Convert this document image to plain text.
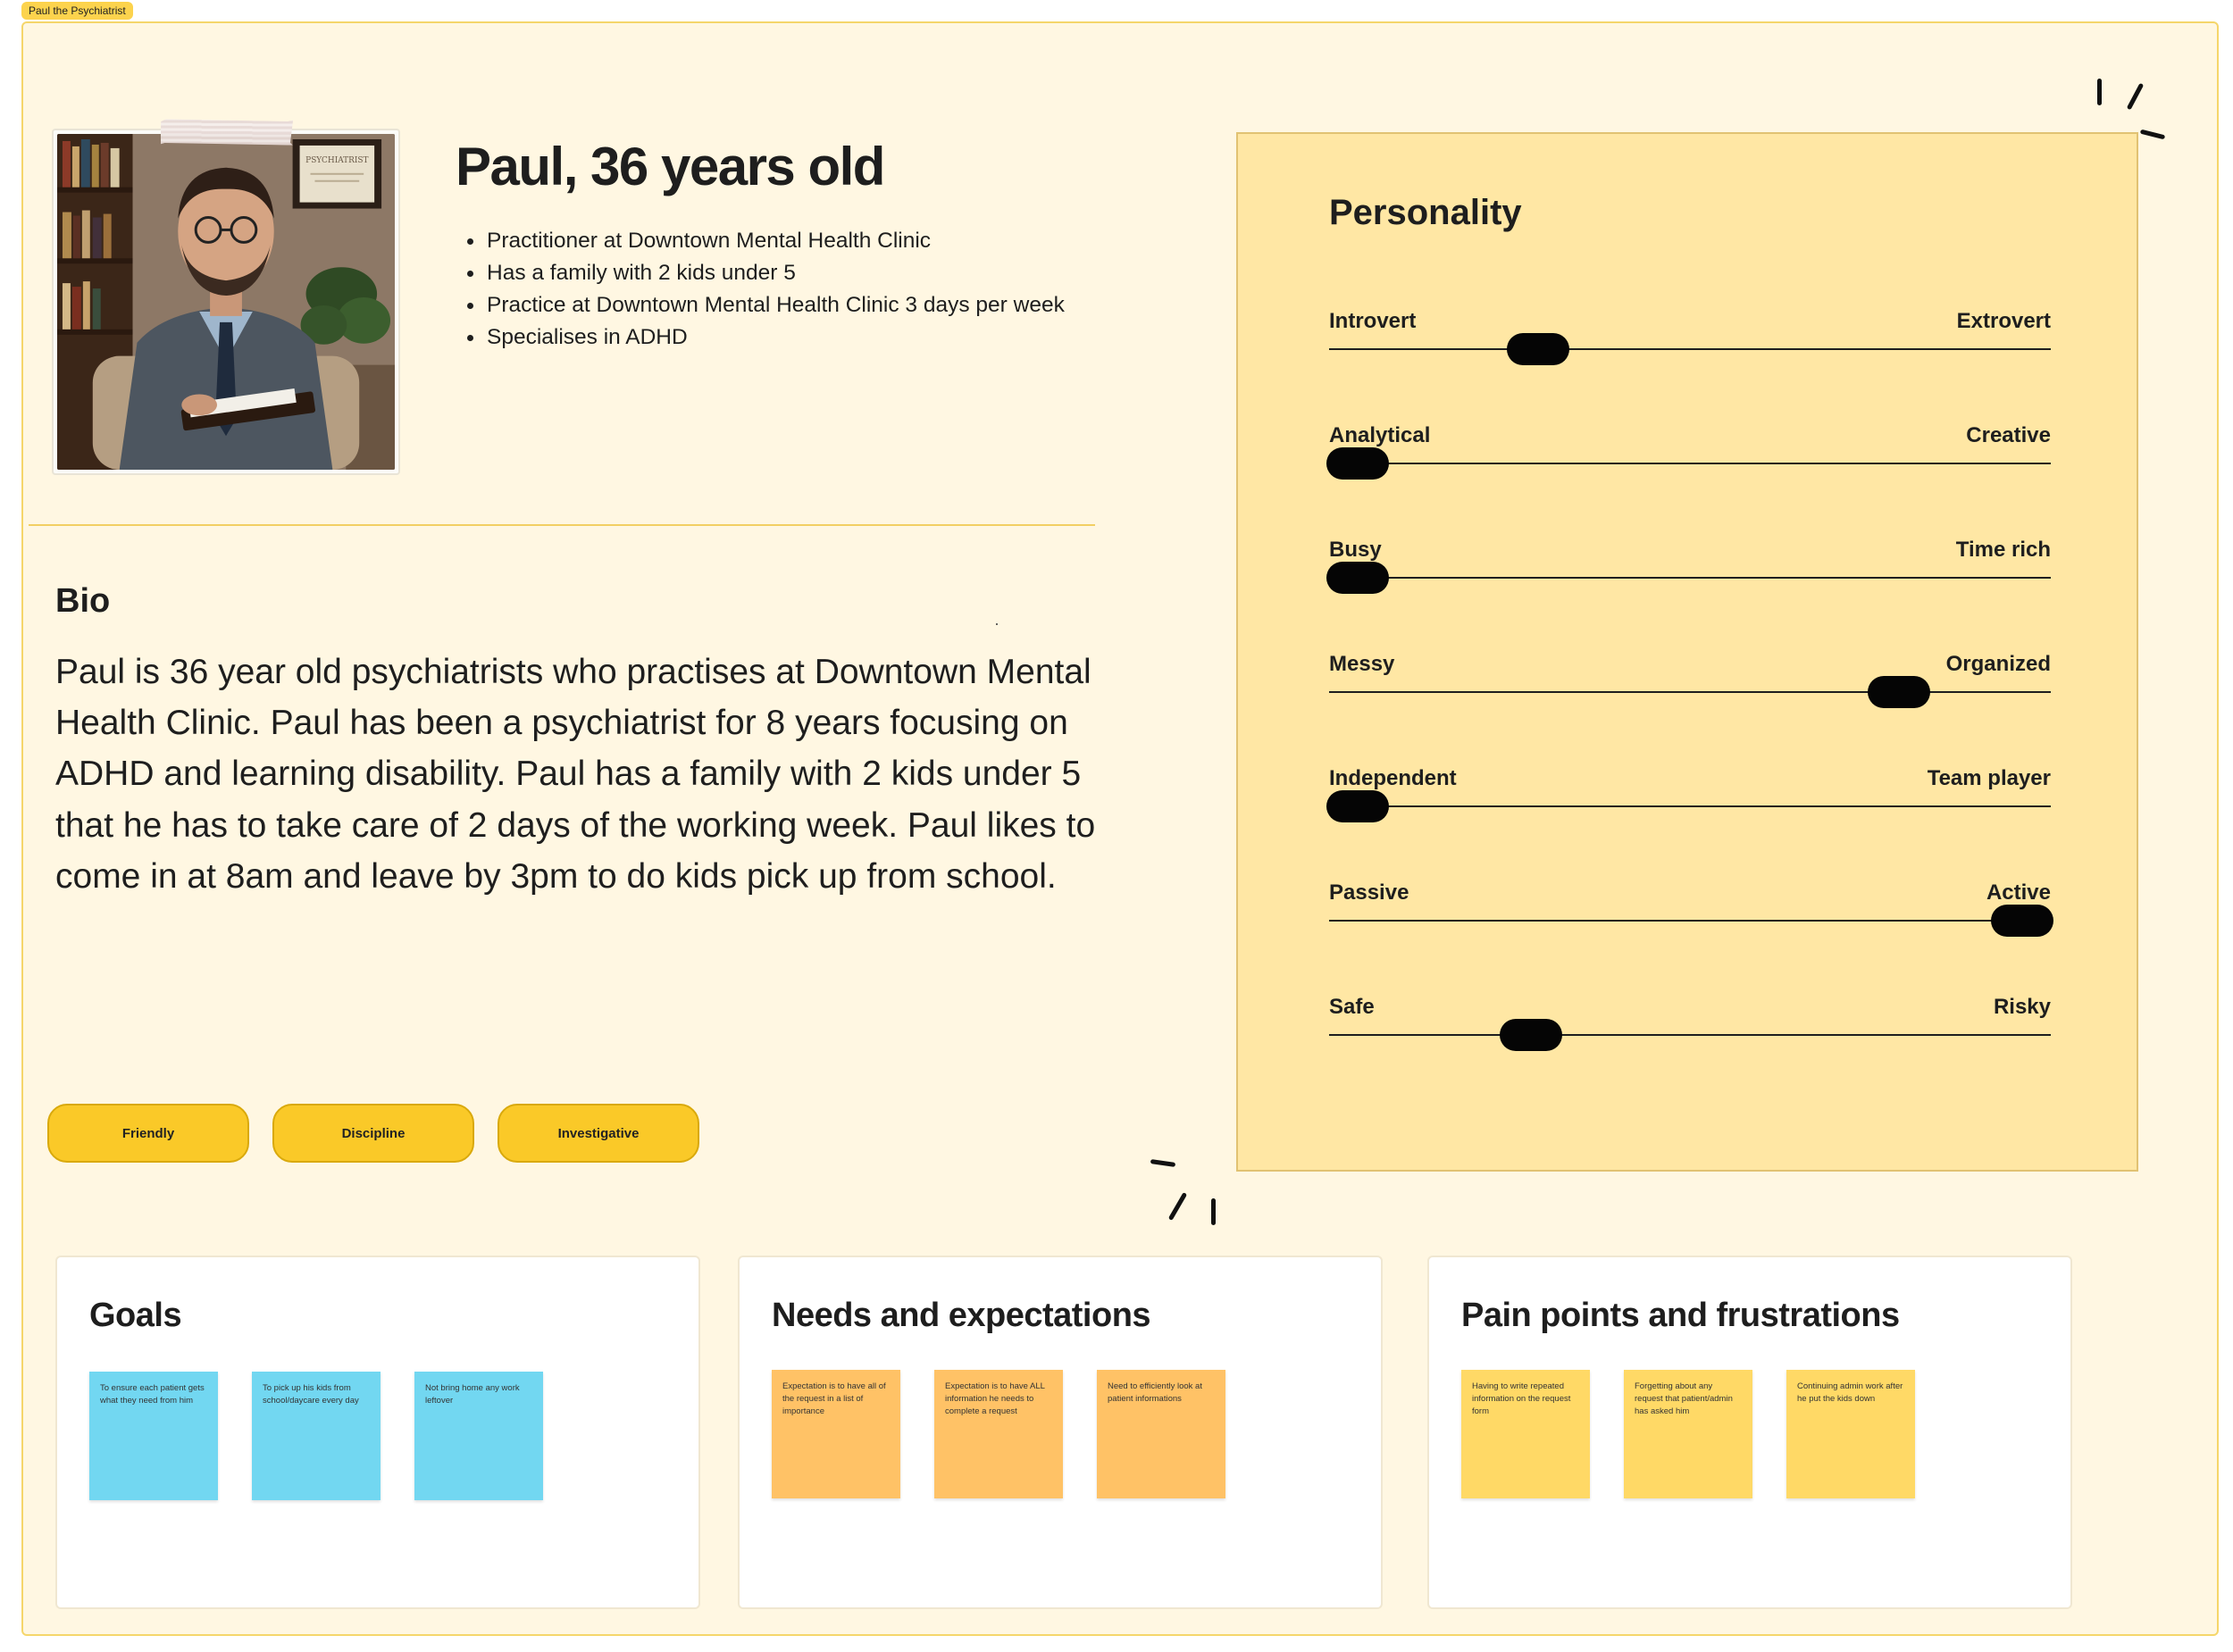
Paul the Psychiatrist
PSYCHIATRIST Paul, 36 years old
Practitioner at Downtown Mental Health Clinic
Has a family with 2 kids under 5
Practice at Downtown Mental Health Clinic 3 days per week
Specialises in ADHD
Bio

Paul is 36 year old psychiatrists who practises at Downtown Mental Health Clinic. Paul has been a psychiatrist for 8 years focusing on ADHD and learning disability. Paul has a family with 2 kids under 5 that he has to take care of 2 days of the working week. Paul likes to come in at 8am and leave by 3pm to do kids pick up from school.

Friendly	Discipline	Investigative
Personality
Introvert	Extrovert
Analytical	Creative
Busy	Time rich
Messy	Organized
Independent	Team player
Passive	Active
Safe	Risky
Goals
To ensure each patient gets what they need from him
To pick up his kids from school/daycare every day
Not bring home any work leftover
Needs and expectations
Expectation is to have all of the request in a list of importance
Expectation is to have ALL information he needs to complete a request
Need to efficiently look at patient informations
Pain points and frustrations
Having to write repeated information on the request form
Forgetting about any request that patient/admin has asked him
Continuing admin work after he put the kids down
